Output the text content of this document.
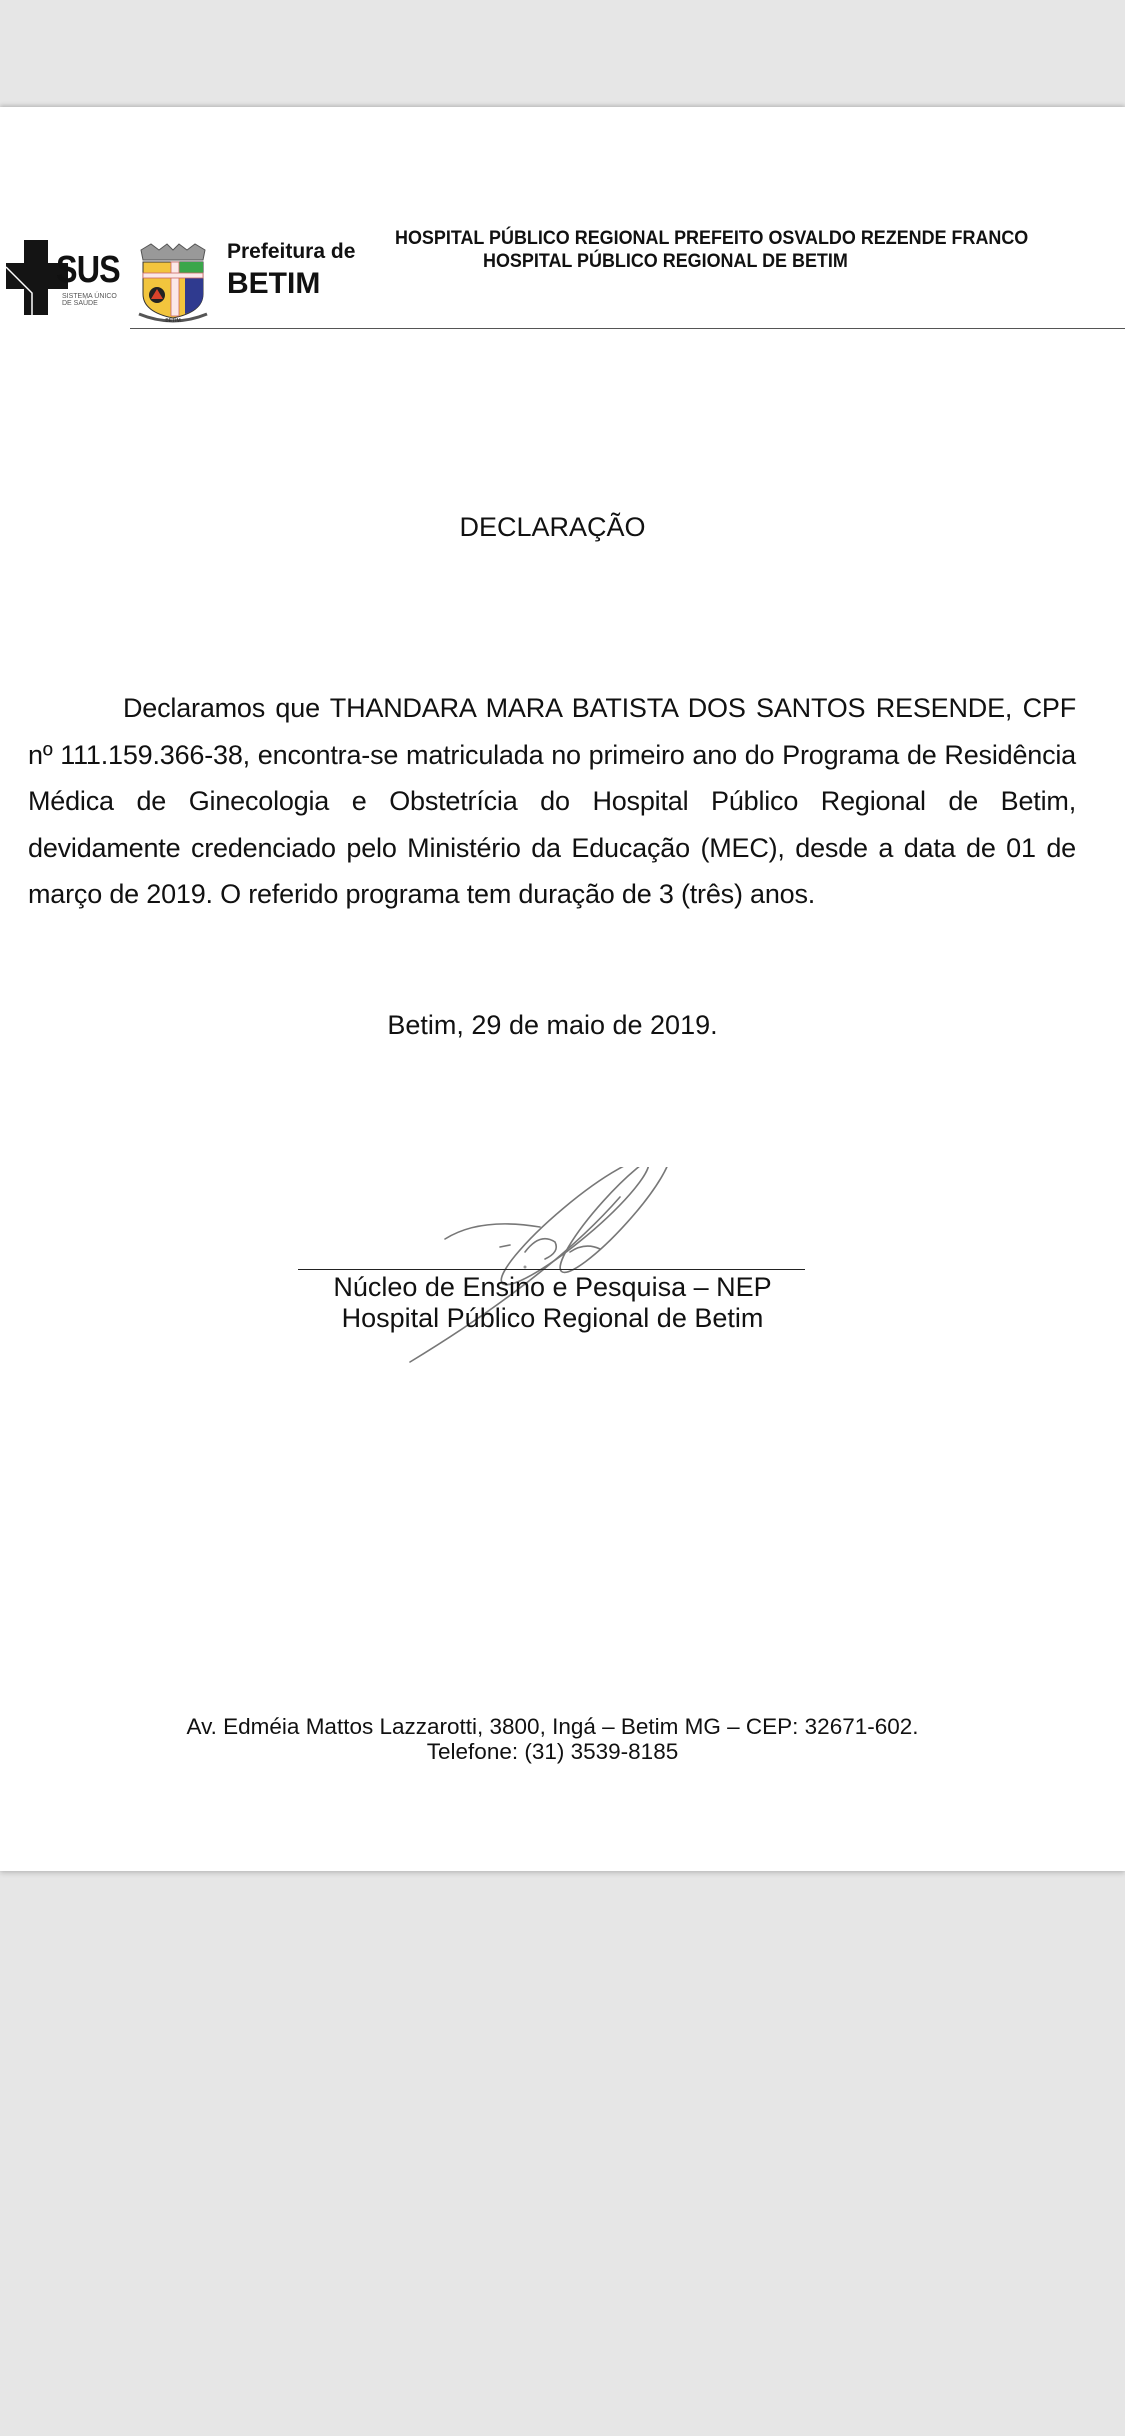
SUS
SISTEMA ÚNICO DE SAÚDE
BETIM
Prefeitura de
BETIM
HOSPITAL PÚBLICO REGIONAL PREFEITO OSVALDO REZENDE FRANCO
HOSPITAL PÚBLICO REGIONAL DE BETIM
DECLARAÇÃO
Declaramos que THANDARA MARA BATISTA DOS SANTOS RESENDE, CPF nº 111.159.366-38, encontra-se matriculada no primeiro ano do Programa de Residência Médica de Ginecologia e Obstetrícia do Hospital Público Regional de Betim, devidamente credenciado pelo Ministério da Educação (MEC), desde a data de 01 de março de 2019. O referido programa tem duração de 3 (três) anos.
Betim, 29 de maio de 2019.
Núcleo de Ensino e Pesquisa – NEP
Hospital Público Regional de Betim
Av. Edméia Mattos Lazzarotti, 3800, Ingá – Betim MG – CEP: 32671-602.
Telefone: (31) 3539-8185
